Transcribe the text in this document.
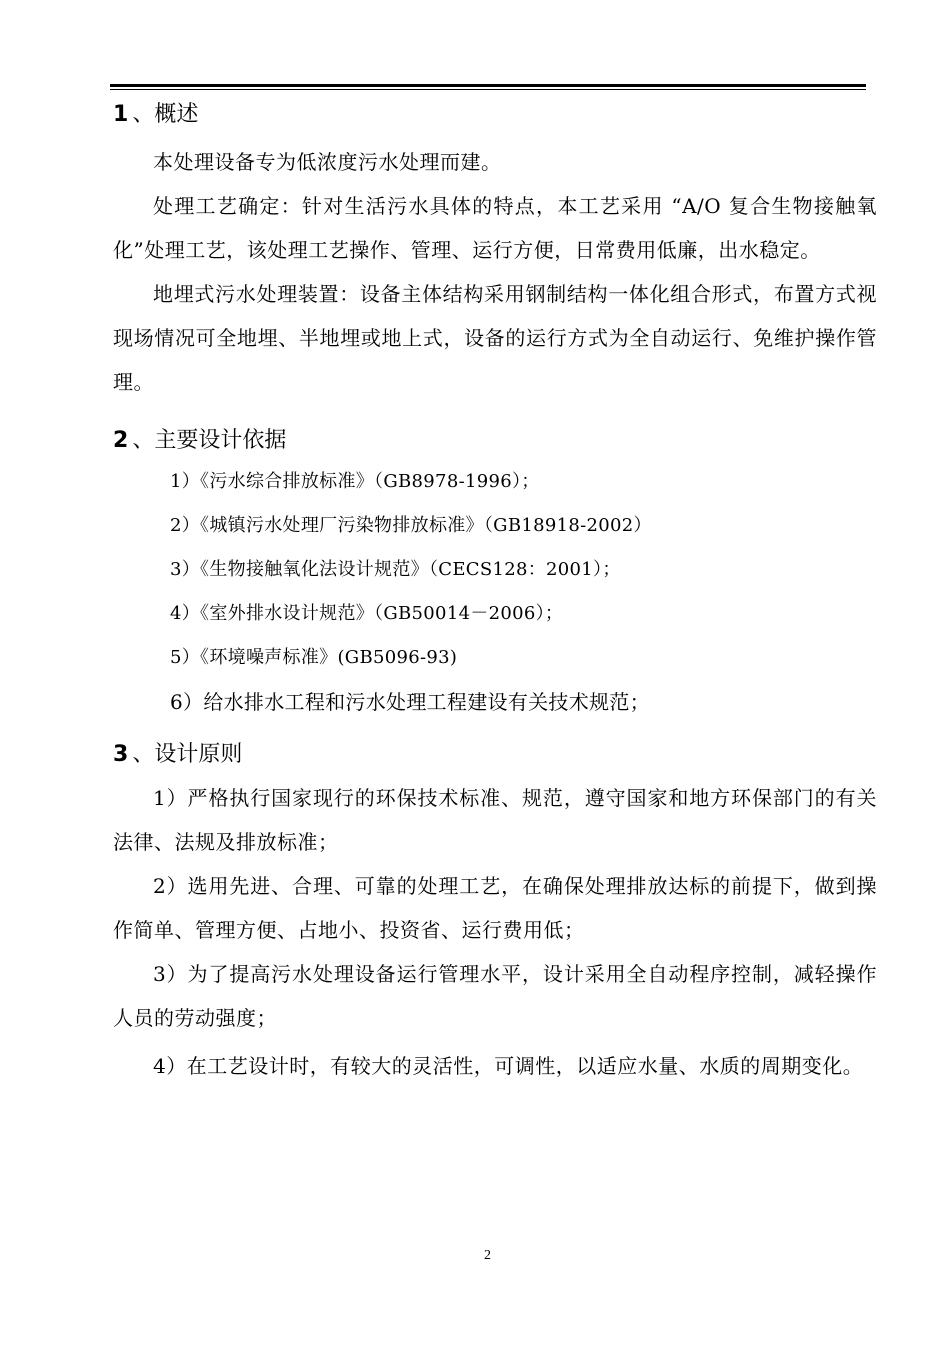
1 、概述

本处理设备专为低浓度污水处理而建。

处理工艺确定：针对生活污水具体的特点，本工艺采用 “A/O 复合生物接触氧化”处理工艺，该处理工艺操作、管理、运行方便，日常费用低廉，出水稳定。

地埋式污水处理装置：设备主体结构采用钢制结构一体化组合形式，布置方式视现场情况可全地埋、半地埋或地上式，设备的运行方式为全自动运行、免维护操作管理。

2 、主要设计依据

1）《污水综合排放标准》（GB8978-1996）；

2）《城镇污水处理厂污染物排放标准》（GB18918-2002）

3）《生物接触氧化法设计规范》（CECS128：2001）；

4）《室外排水设计规范》（GB50014－2006）；

5）《环境噪声标准》(GB5096-93)

6）给水排水工程和污水处理工程建设有关技术规范；

3 、设计原则

1）严格执行国家现行的环保技术标准、规范，遵守国家和地方环保部门的有关法律、法规及排放标准；

2）选用先进、合理、可靠的处理工艺，在确保处理排放达标的前提下，做到操作简单、管理方便、占地小、投资省、运行费用低；

3）为了提高污水处理设备运行管理水平，设计采用全自动程序控制，减轻操作人员的劳动强度；

4）在工艺设计时，有较大的灵活性，可调性，以适应水量、水质的周期变化。

2
